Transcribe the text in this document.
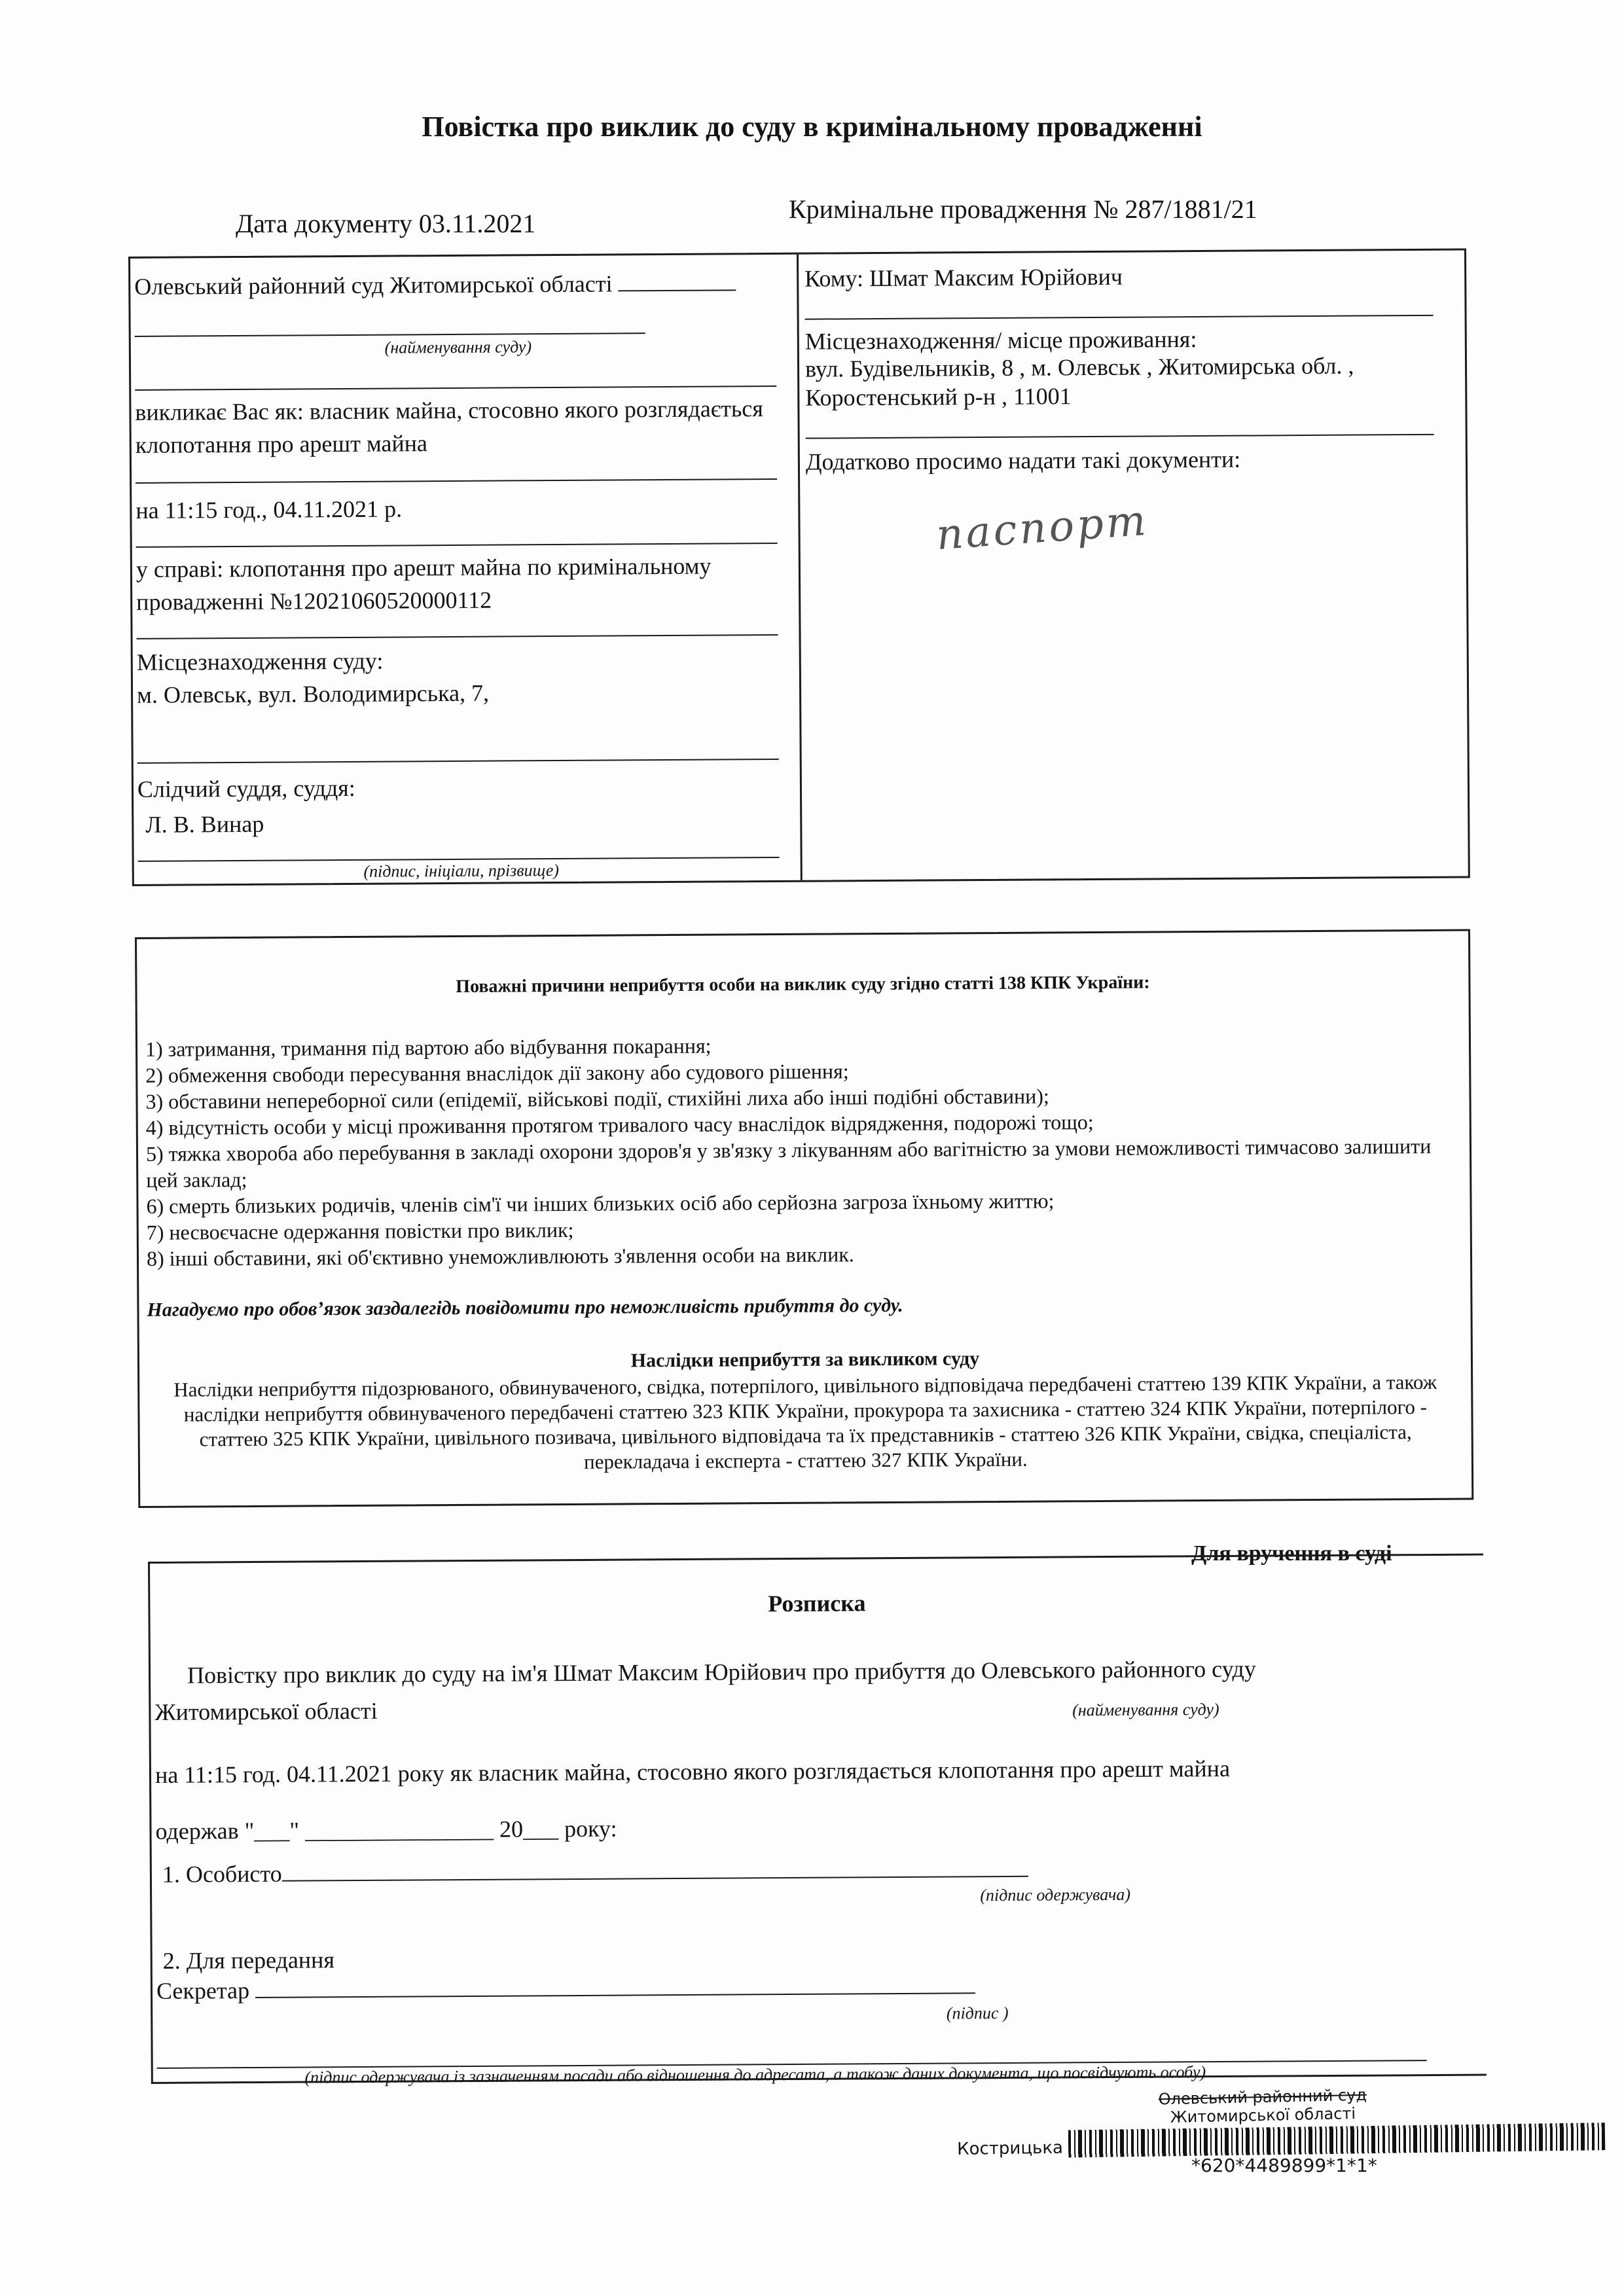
Повістка про виклик до суду в кримінальному провадженні
Дата документу 03.11.2021	Кримінальне провадження № 287/1881/21
Олевський районний суд Житомирської області
(найменування суду)
викликає Вас як: власник майна, стосовно якого розглядається клопотання про арешт майна
на 11:15 год., 04.11.2021 р.
у справі: клопотання про арешт майна по кримінальному провадженні №12021060520000112
Місцезнаходження суду:
м. Олевськ, вул. Володимирська, 7,
Слідчий суддя, суддя:
Л. В. Винар
(підпис, ініціали, прізвище)
Кому: Шмат Максим Юрійович
Місцезнаходження/ місце проживання:
вул. Будівельників, 8 , м. Олевськ , Житомирська обл. ,
Коростенський р-н , 11001
Додатково просимо надати такі документи:
паспорт
Поважні причини неприбуття особи на виклик суду згідно статті 138 КПК України:
1) затримання, тримання під вартою або відбування покарання;
2) обмеження свободи пересування внаслідок дії закону або судового рішення;
3) обставини непереборної сили (епідемії, військові події, стихійні лиха або інші подібні обставини);
4) відсутність особи у місці проживання протягом тривалого часу внаслідок відрядження, подорожі тощо;
5) тяжка хвороба або перебування в закладі охорони здоров'я у зв'язку з лікуванням або вагітністю за умови неможливості тимчасово залишити цей заклад;
6) смерть близьких родичів, членів сім'ї чи інших близьких осіб або серйозна загроза їхньому життю;
7) несвоєчасне одержання повістки про виклик;
8) інші обставини, які об'єктивно унеможливлюють з'явлення особи на виклик.
Нагадуємо про обов’язок заздалегідь повідомити про неможливість прибуття до суду.
Наслідки неприбуття за викликом суду
Наслідки неприбуття підозрюваного, обвинуваченого, свідка, потерпілого, цивільного відповідача передбачені статтею 139 КПК України, а також наслідки неприбуття обвинуваченого передбачені статтею 323 КПК України, прокурора та захисника - статтею 324 КПК України, потерпілого - статтею 325 КПК України, цивільного позивача, цивільного відповідача та їх представників - статтею 326 КПК України, свідка, спеціаліста, перекладача і експерта - статтею 327 КПК України.
Для вручення в суді
Розписка
Повістку про виклик до суду на ім'я Шмат Максим Юрійович про прибуття до Олевського районного суду
Житомирської області	(найменування суду)
на 11:15 год. 04.11.2021 року як власник майна, стосовно якого розглядається клопотання про арешт майна
одержав "___" ________________ 20___ року:
1. Особисто
(підпис одержувача)
2. Для передання
Секретар
(підпис )
(підпис одержувача із зазначенням посади або відношення до адресата, а також даних документа, що посвідчують особу)
Олевський районний суд
Житомирської області
Кострицька
*620*4489899*1*1*
